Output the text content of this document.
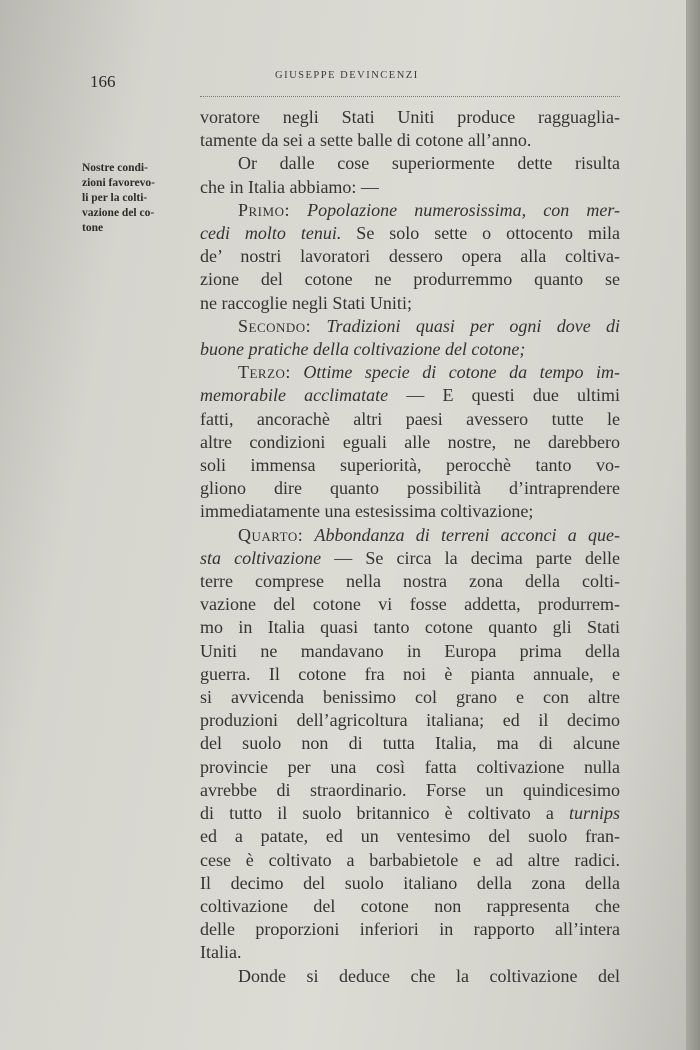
166	GIUSEPPE DEVINCENZI
Nostre condi-
zioni favorevo-
li per la colti-
vazione del co-
tone
voratore negli Stati Uniti produce ragguaglia-
tamente da sei a sette balle di cotone all’anno.
Or dalle cose superiormente dette risulta
che in Italia abbiamo: —
Primo: Popolazione numerosissima, con mer-
cedi molto tenui. Se solo sette o ottocento mila
de’ nostri lavoratori dessero opera alla coltiva-
zione del cotone ne produrremmo quanto se
ne raccoglie negli Stati Uniti;
Secondo: Tradizioni quasi per ogni dove di
buone pratiche della coltivazione del cotone;
Terzo: Ottime specie di cotone da tempo im-
memorabile acclimatate — E questi due ultimi
fatti, ancorachè altri paesi avessero tutte le
altre condizioni eguali alle nostre, ne darebbero
soli immensa superiorità, perocchè tanto vo-
gliono dire quanto possibilità d’intraprendere
immediatamente una estesissima coltivazione;
Quarto: Abbondanza di terreni acconci a que-
sta coltivazione — Se circa la decima parte delle
terre comprese nella nostra zona della colti-
vazione del cotone vi fosse addetta, produrrem-
mo in Italia quasi tanto cotone quanto gli Stati
Uniti ne mandavano in Europa prima della
guerra. Il cotone fra noi è pianta annuale, e
si avvicenda benissimo col grano e con altre
produzioni dell’agricoltura italiana; ed il decimo
del suolo non di tutta Italia, ma di alcune
provincie per una così fatta coltivazione nulla
avrebbe di straordinario. Forse un quindicesimo
di tutto il suolo britannico è coltivato a turnips
ed a patate, ed un ventesimo del suolo fran-
cese è coltivato a barbabietole e ad altre radici.
Il decimo del suolo italiano della zona della
coltivazione del cotone non rappresenta che
delle proporzioni inferiori in rapporto all’intera
Italia.
Donde si deduce che la coltivazione del
